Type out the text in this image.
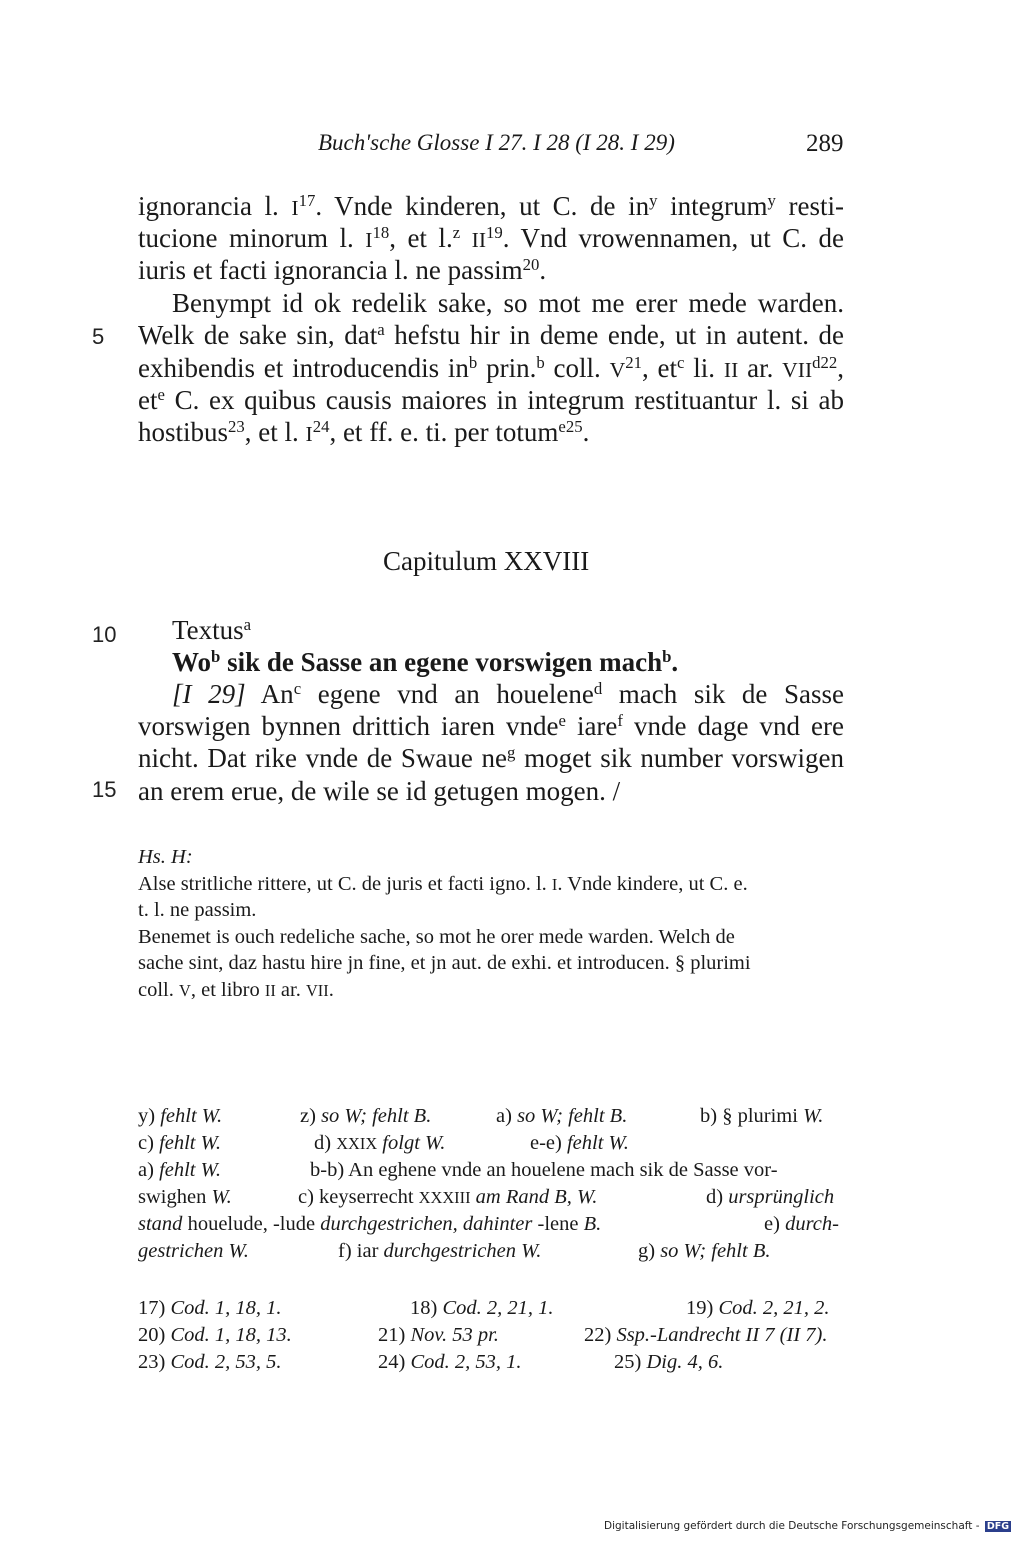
Buch'sche Glosse I 27. I 28 (I 28. I 29)	289
ignorancia l. $I^{17}$. Vnde kinderen, ut C. de $in^y$ integrum$^y$ resti-
tucione minorum l. $I^{18}$, et l.$^z$ II$^{19}$. Vnd vrowennamen, ut C. de
iuris et facti ignorancia l. ne passim$^{20}$.
Benympt id ok redelik sake, so mot me erer mede warden.
Welk de sake sin, dat$^a$ hefstu hir in deme ende, ut in autent. de
exhibendis et introducendis $in^b$ prin.$^b$ coll. $V^{21}$, $et^c$ li. II ar. $VII^{d22}$,
$et^e$ C. ex quibus causis maiores in integrum restituantur l. si ab
hostibus$^{23}$, et l. $I^{24}$, et ff. e. ti. per totum$^{e25}$.
5
10
15
Capitulum XXVIII
Textus$^a$
Wo$^b$ sik de Sasse an egene vorswigen mach$^b$.
[I 29] An$^c$ egene vnd an houelene$^d$ mach sik de Sasse
vorswigen bynnen drittich iaren vnde$^e$ iare$^f$ vnde dage vnd ere
nicht. Dat rike vnde de Swaue $ne^g$ moget sik number vorswigen
an erem erue, de wile se id getugen mogen. /
Hs. H:
Alse stritliche rittere, ut C. de juris et facti igno. l. I. Vnde kindere, ut C. e.
t. l. ne passim.
Benemet is ouch redeliche sache, so mot he orer mede warden. Welch de
sache sint, daz hastu hire jn fine, et jn aut. de exhi. et introducen. § plurimi
coll. V, et libro II ar. VII.
y) fehlt W.	z) so W; fehlt B.	a) so W; fehlt B.	b) § plurimi W.
c) fehlt W.	d) XXIX folgt W.	e-e) fehlt W.
a) fehlt W.	b-b) An eghene vnde an houelene mach sik de Sasse vor-
swighen W.	c) keyserrecht XXXIII am Rand B, W.	d) ursprünglich
stand houelude, -lude durchgestrichen, dahinter -lene B.	e) durch-
gestrichen W.	f) iar durchgestrichen W.	g) so W; fehlt B.
17) Cod. 1, 18, 1.	18) Cod. 2, 21, 1.	19) Cod. 2, 21, 2.
20) Cod. 1, 18, 13.	21) Nov. 53 pr.	22) Ssp.-Landrecht II 7 (II 7).
23) Cod. 2, 53, 5.	24) Cod. 2, 53, 1.	25) Dig. 4, 6.
Digitalisierung gefördert durch die Deutsche Forschungsgemeinschaft - DFG
